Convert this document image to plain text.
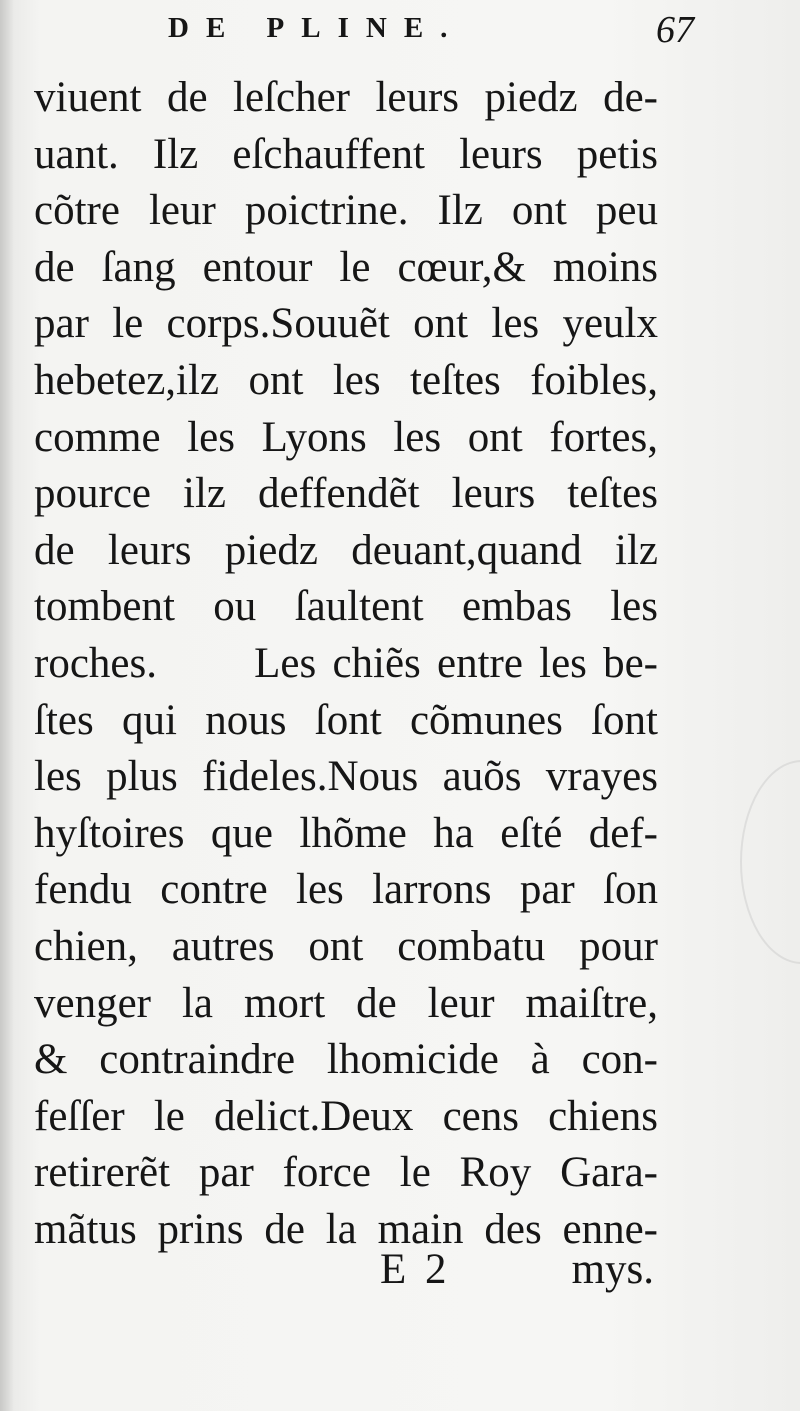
DE PLINE.	67
viuent de leſcher leurs piedz de-
uant. Ilz eſchauffent leurs petis
cõtre leur poictrine. Ilz ont peu
de ſang entour le cœur,& moins
par le corps.Souuẽt ont les yeulx
hebetez,ilz ont les teſtes foibles,
comme les Lyons les ont fortes,
pource ilz deffendẽt leurs teſtes
de leurs piedz deuant,quand ilz
tombent ou ſaultent embas les
roches.      Les chiẽs entre les be-
ſtes qui nous ſont cõmunes ſont
les plus fideles.Nous auõs vrayes
hyſtoires que lhõme ha eſté def-
fendu contre les larrons par ſon
chien, autres ont combatu pour
venger la mort de leur maiſtre,
& contraindre lhomicide à con-
feſſer le delict.Deux cens chiens
retirerẽt par force le Roy Gara-
mãtus prins de la main des enne-
E 2	mys.
